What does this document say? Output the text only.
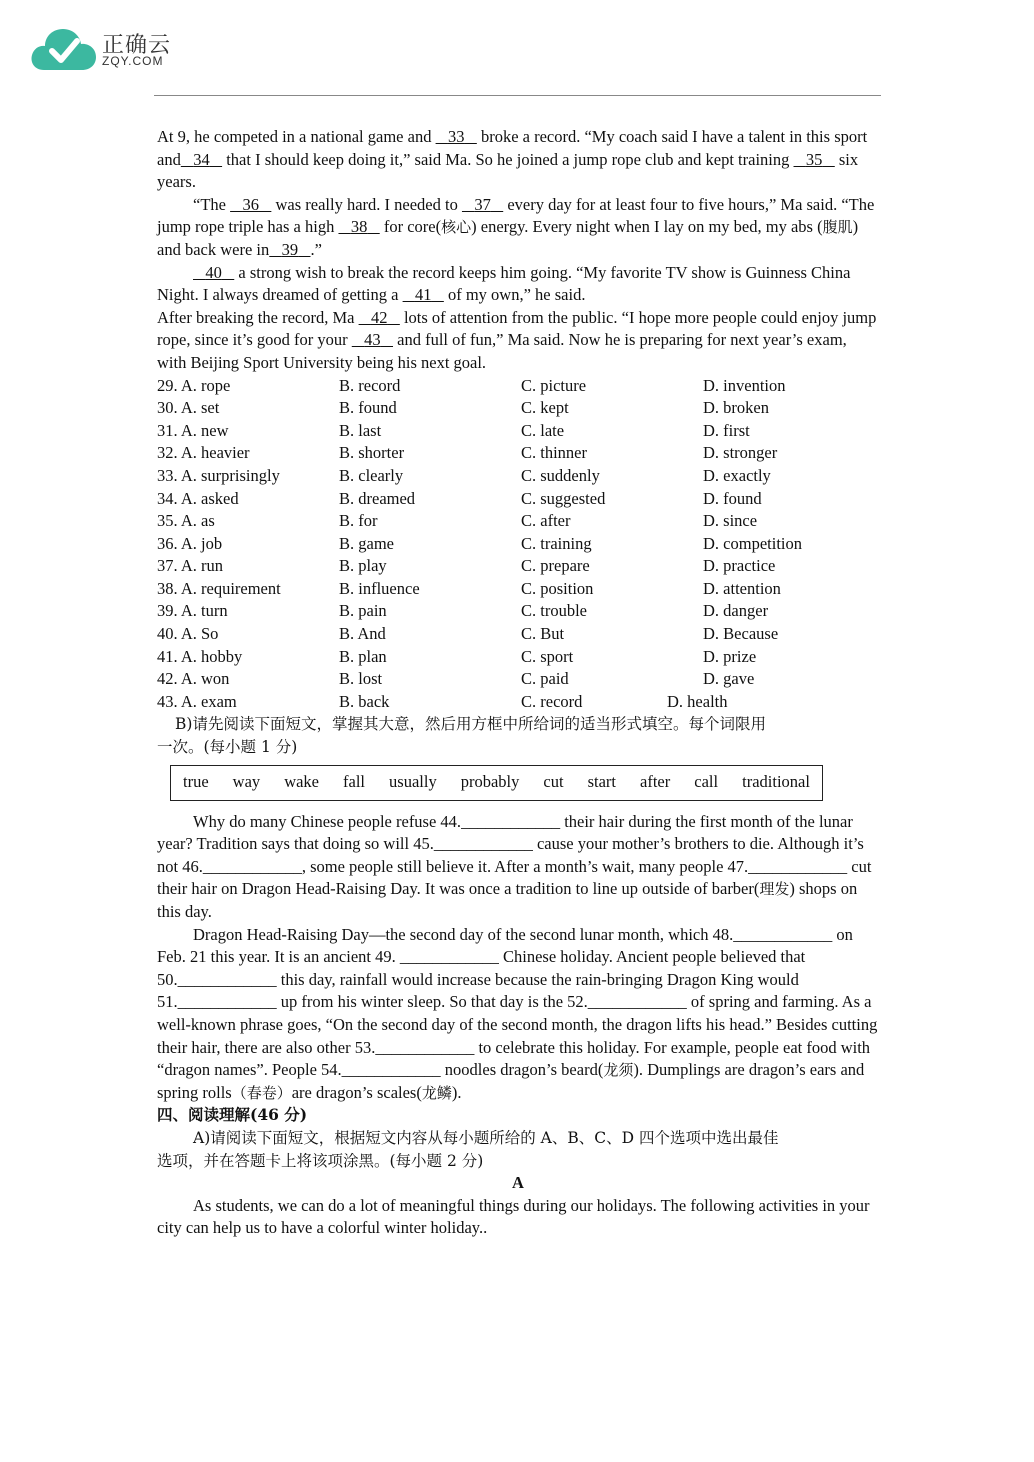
正确云
ZQY.COM

At 9, he competed in a national game and    33    broke a record. “My coach said I have a talent in this sport and 34    that I should keep doing it,” said Ma. So he joined a jump rope club and kept training    35    six years.

“The    36    was really hard. I needed to    37    every day for at least four to five hours,” Ma said. “The jump rope triple has a high    38    for core(核心) energy. Every night when I lay on my bed, my abs (腹肌) and back were in 39 .”

40    a strong wish to break the record keeps him going. “My favorite TV show is Guinness China Night. I always dreamed of getting a    41    of my own,” he said.

After breaking the record, Ma    42    lots of attention from the public. “I hope more people could enjoy jump rope, since it’s good for your    43    and full of fun,” Ma said. Now he is preparing for next year’s exam, with Beijing Sport University being his next goal.

29. A. rope	B. record	C. picture	D. invention
30. A. set	B. found	C. kept	D. broken
31. A. new	B. last	C. late	D. first
32. A. heavier	B. shorter	C. thinner	D. stronger
33. A. surprisingly	B. clearly	C. suddenly	D. exactly
34. A. asked	B. dreamed	C. suggested	D. found
35. A. as	B. for	C. after	D. since
36. A. job	B. game	C. training	D. competition
37. A. run	B. play	C. prepare	D. practice
38. A. requirement	B. influence	C. position	D. attention
39. A. turn	B. pain	C. trouble	D. danger
40. A. So	B. And	C. But	D. Because
41. A. hobby	B. plan	C. sport	D. prize
42. A. won	B. lost	C. paid	D. gave
43. A. exam	B. back	C. record	D. health

B)请先阅读下面短文，掌握其大意，然后用方框中所给词的适当形式填空。每个词限用

一次。(每小题 1 分)

true way wake fall usually probably cut start after call traditional

Why do many Chinese people refuse 44.____________ their hair during the first month of the lunar year? Tradition says that doing so will 45.____________ cause your mother’s brothers to die. Although it’s not 46.____________, some people still believe it. After a month’s wait, many people 47.____________ cut their hair on Dragon Head-Raising Day. It was once a tradition to line up outside of barber(理发) shops on this day.

Dragon Head-Raising Day—the second day of the second lunar month, which 48.____________ on Feb. 21 this year. It is an ancient 49. ____________ Chinese holiday. Ancient people believed that 50.____________ this day, rainfall would increase because the rain-bringing Dragon King would 51.____________ up from his winter sleep. So that day is the 52.____________ of spring and farming. As a well-known phrase goes, “On the second day of the second month, the dragon lifts his head.” Besides cutting their hair, there are also other 53.____________ to celebrate this holiday. For example, people eat food with “dragon names”. People 54.____________ noodles dragon’s beard(龙须). Dumplings are dragon’s ears and spring rolls（春卷）are dragon’s scales(龙鳞).

四、阅读理解(46 分)

A)请阅读下面短文，根据短文内容从每小题所给的 A、B、C、D 四个选项中选出最佳

选项，并在答题卡上将该项涂黑。(每小题 2 分)

A

As students, we can do a lot of meaningful things during our holidays. The following activities in your city can help us to have a colorful winter holiday..
